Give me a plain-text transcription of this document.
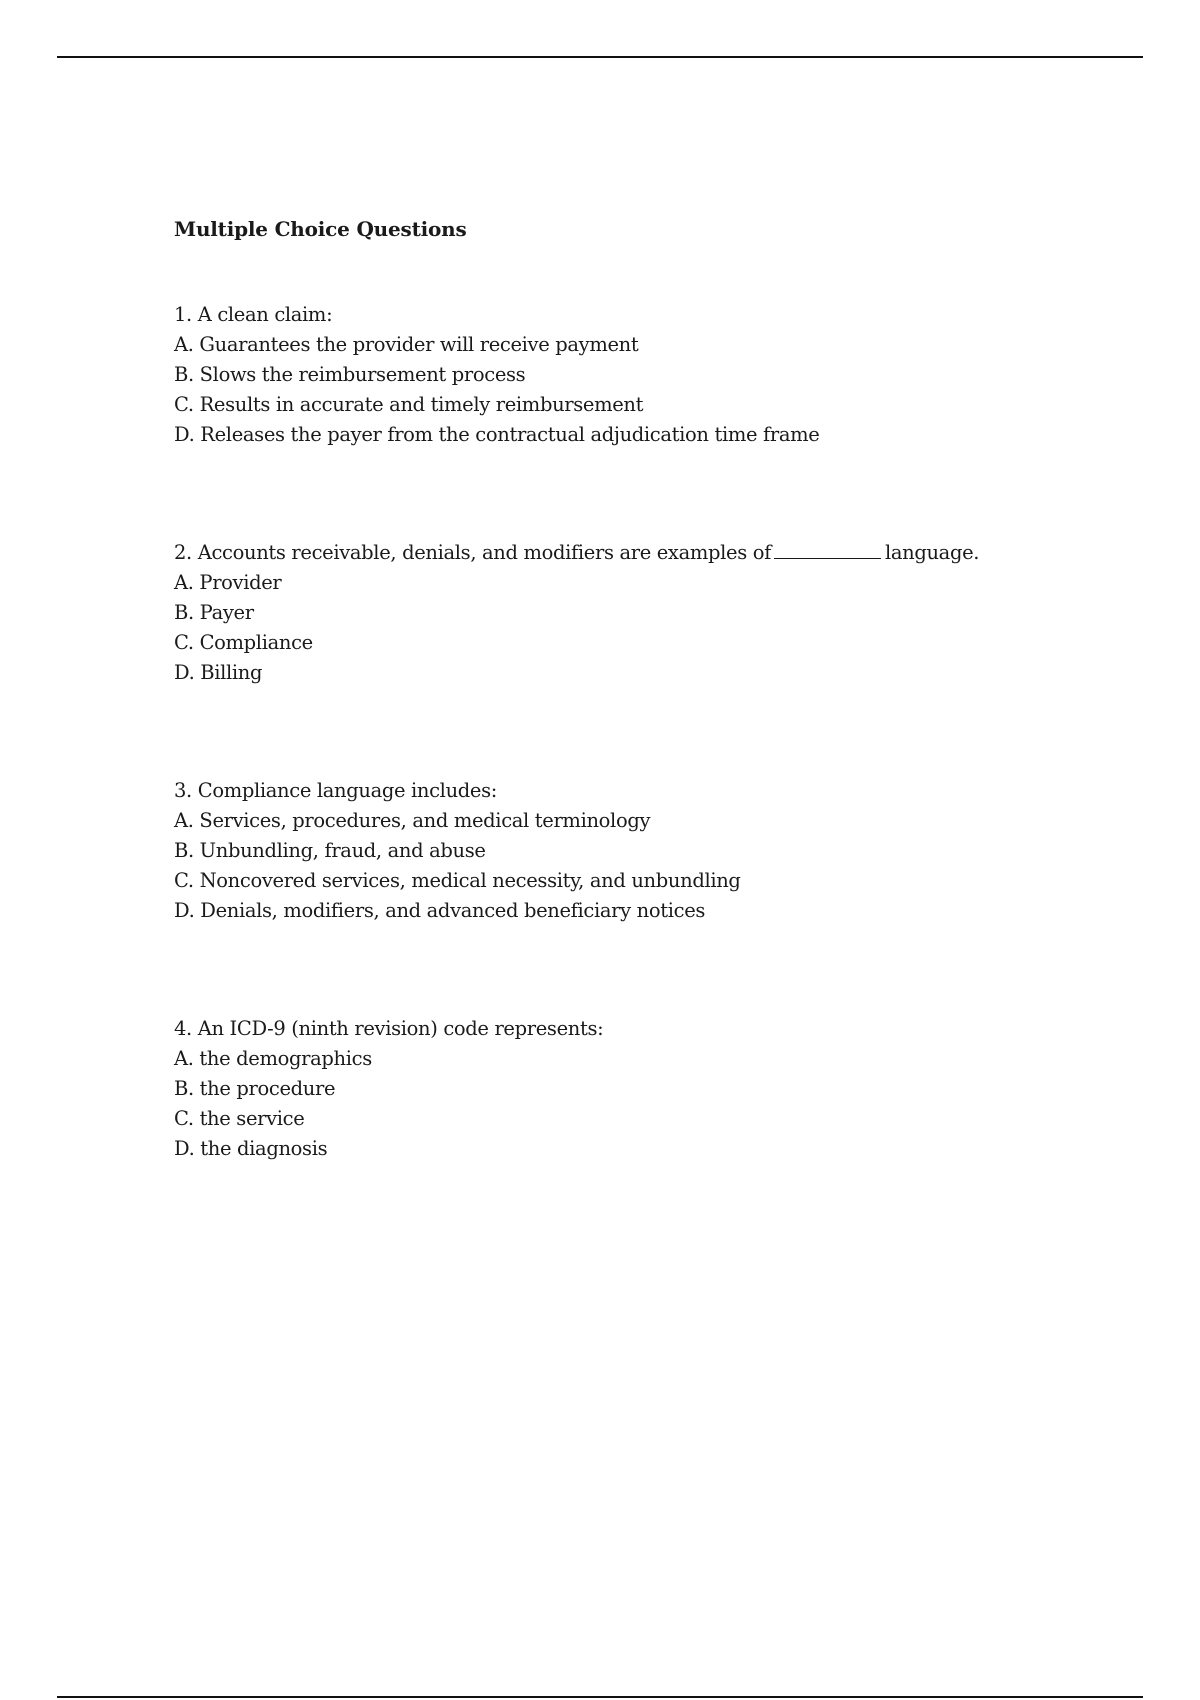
Multiple Choice Questions
1. A clean claim:
A. Guarantees the provider will receive payment
B. Slows the reimbursement process
C. Results in accurate and timely reimbursement
D. Releases the payer from the contractual adjudication time frame
2. Accounts receivable, denials, and modifiers are examples of	language.
A. Provider
B. Payer
C. Compliance
D. Billing
3. Compliance language includes:
A. Services, procedures, and medical terminology
B. Unbundling, fraud, and abuse
C. Noncovered services, medical necessity, and unbundling
D. Denials, modifiers, and advanced beneficiary notices
4. An ICD-9 (ninth revision) code represents:
A. the demographics
B. the procedure
C. the service
D. the diagnosis
